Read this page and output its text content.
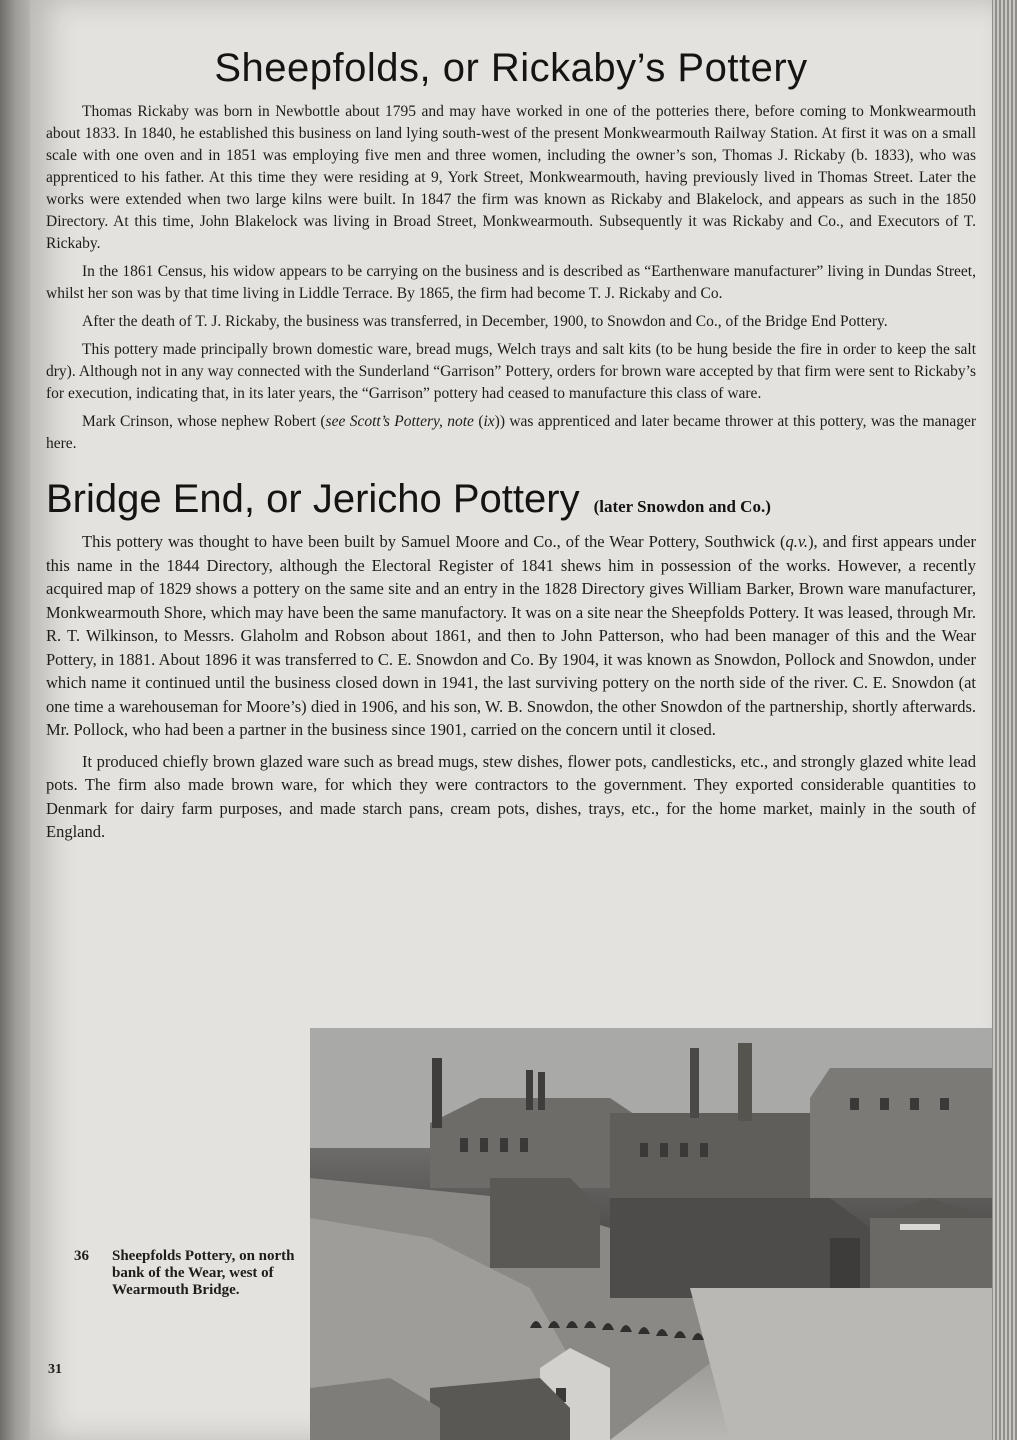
Sheepfolds, or Rickaby’s Pottery

Thomas Rickaby was born in Newbottle about 1795 and may have worked in one of the potteries there, before coming to Monkwearmouth about 1833. In 1840, he established this business on land lying south-west of the present Monkwearmouth Railway Station. At first it was on a small scale with one oven and in 1851 was employing five men and three women, including the owner’s son, Thomas J. Rickaby (b. 1833), who was apprenticed to his father. At this time they were residing at 9, York Street, Monkwearmouth, having previously lived in Thomas Street. Later the works were extended when two large kilns were built. In 1847 the firm was known as Rickaby and Blakelock, and appears as such in the 1850 Directory. At this time, John Blakelock was living in Broad Street, Monkwearmouth. Subsequently it was Rickaby and Co., and Executors of T. Rickaby.

In the 1861 Census, his widow appears to be carrying on the business and is described as “Earthenware manufacturer” living in Dundas Street, whilst her son was by that time living in Liddle Terrace. By 1865, the firm had become T. J. Rickaby and Co.

After the death of T. J. Rickaby, the business was transferred, in December, 1900, to Snowdon and Co., of the Bridge End Pottery.

This pottery made principally brown domestic ware, bread mugs, Welch trays and salt kits (to be hung beside the fire in order to keep the salt dry). Although not in any way connected with the Sunderland “Garrison” Pottery, orders for brown ware accepted by that firm were sent to Rickaby’s for execution, indicating that, in its later years, the “Garrison” pottery had ceased to manufacture this class of ware.

Mark Crinson, whose nephew Robert (see Scott’s Pottery, note (ix)) was apprenticed and later became thrower at this pottery, was the manager here.

Bridge End, or Jericho Pottery (later Snowdon and Co.)

This pottery was thought to have been built by Samuel Moore and Co., of the Wear Pottery, Southwick (q.v.), and first appears under this name in the 1844 Directory, although the Electoral Register of 1841 shews him in possession of the works. However, a recently acquired map of 1829 shows a pottery on the same site and an entry in the 1828 Directory gives William Barker, Brown ware manufacturer, Monkwearmouth Shore, which may have been the same manufactory. It was on a site near the Sheepfolds Pottery. It was leased, through Mr. R. T. Wilkinson, to Messrs. Glaholm and Robson about 1861, and then to John Patterson, who had been manager of this and the Wear Pottery, in 1881. About 1896 it was transferred to C. E. Snowdon and Co. By 1904, it was known as Snowdon, Pollock and Snowdon, under which name it continued until the business closed down in 1941, the last surviving pottery on the north side of the river. C. E. Snowdon (at one time a warehouseman for Moore’s) died in 1906, and his son, W. B. Snowdon, the other Snowdon of the partnership, shortly afterwards. Mr. Pollock, who had been a partner in the business since 1901, carried on the concern until it closed.

It produced chiefly brown glazed ware such as bread mugs, stew dishes, flower pots, candlesticks, etc., and strongly glazed white lead pots. The firm also made brown ware, for which they were contractors to the government. They exported considerable quantities to Denmark for dairy farm purposes, and made starch pans, cream pots, dishes, trays, etc., for the home market, mainly in the south of England.

36 Sheepfolds Pottery, on north bank of the Wear, west of Wearmouth Bridge.
31
